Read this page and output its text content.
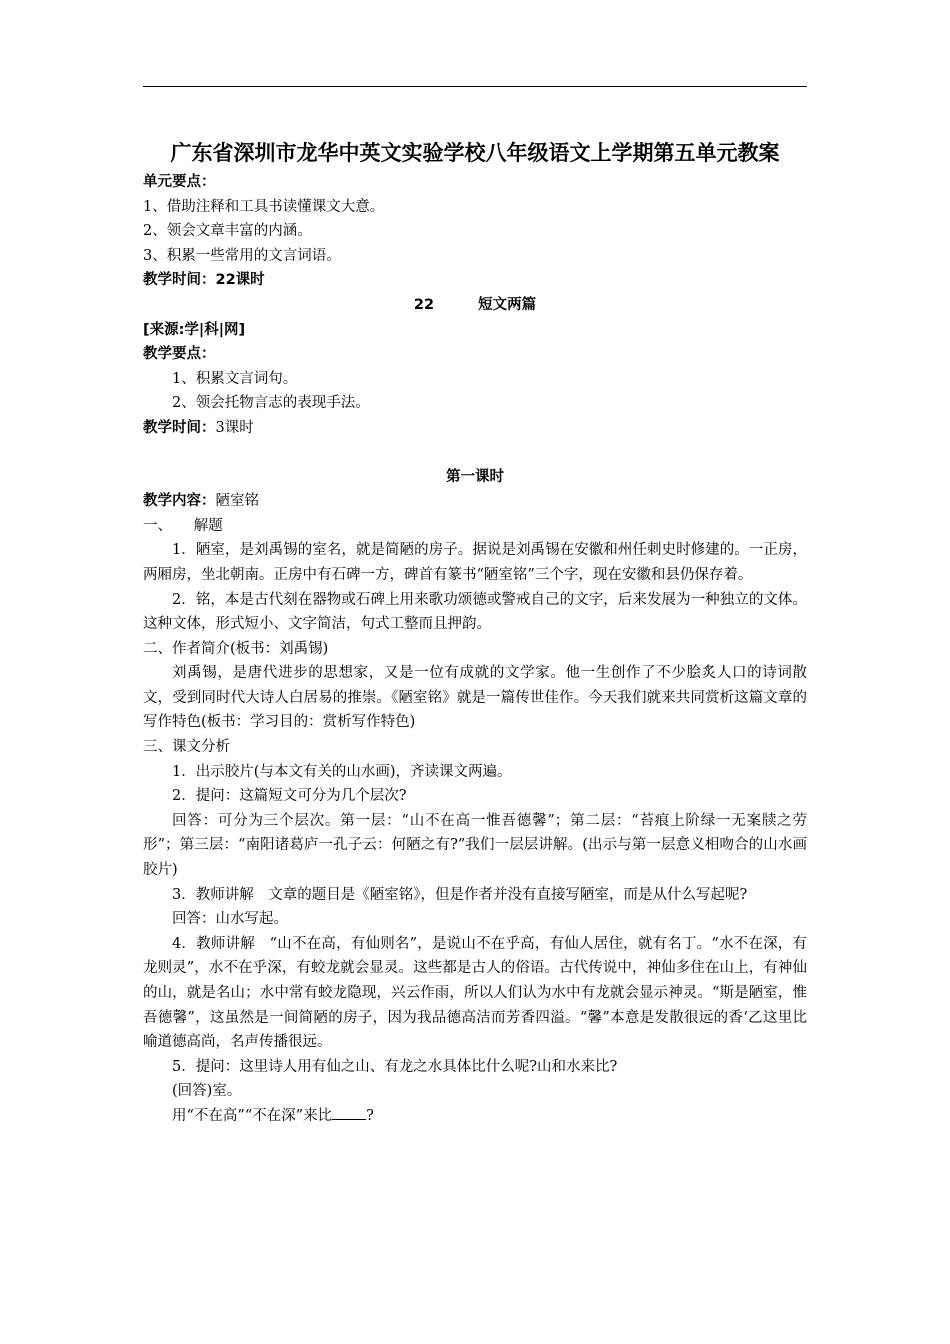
广东省深圳市龙华中英文实验学校八年级语文上学期第五单元教案
单元要点：
1、借助注释和工具书读懂课文大意。
2、领会文章丰富的内涵。
3、积累一些常用的文言词语。
教学时间：22课时
22	短文两篇
[来源:学|科|网]
教学要点：
1、积累文言词句。
2、领会托物言志的表现手法。
教学时间：3课时
第一课时
教学内容：陋室铭
一、　　解题
1．陋室，是刘禹锡的室名，就是简陋的房子。据说是刘禹锡在安徽和州任刺史时修建的。一正房，两厢房，坐北朝南。正房中有石碑一方，碑首有篆书“陋室铭”三个字，现在安徽和县仍保存着。
2．铭，本是古代刻在器物或石碑上用来歌功颂德或警戒自己的文字，后来发展为一种独立的文体。这种文体，形式短小、文字简洁，句式工整而且押韵。
二、作者简介(板书：刘禹锡)
刘禹锡，是唐代进步的思想家，又是一位有成就的文学家。他一生创作了不少脍炙人口的诗词散文，受到同时代大诗人白居易的推崇。《陋室铭》就是一篇传世佳作。今天我们就来共同赏析这篇文章的写作特色(板书：学习目的：赏析写作特色)
三、课文分析
1．出示胶片(与本文有关的山水画)，齐读课文两遍。
2．提问：这篇短文可分为几个层次?
回答：可分为三个层次。第一层：“山不在高一惟吾德馨”；第二层：“苔痕上阶绿一无案牍之劳形”；第三层：“南阳诸葛庐一孔子云：何陋之有?”我们一层层讲解。(出示与第一层意义相吻合的山水画胶片)
3．教师讲解　文章的题目是《陋室铭》，但是作者并没有直接写陋室，而是从什么写起呢?
回答：山水写起。
4．教师讲解　“山不在高，有仙则名”，是说山不在乎高，有仙人居住，就有名丁。“水不在深，有龙则灵”，水不在乎深，有蛟龙就会显灵。这些都是古人的俗语。古代传说中，神仙多住在山上，有神仙的山，就是名山；水中常有蛟龙隐现，兴云作雨，所以人们认为水中有龙就会显示神灵。“斯是陋室，惟吾德馨”，这虽然是一间简陋的房子，因为我品德高洁而芳香四溢。“馨”本意是发散很远的香‘乙这里比喻道德高尚，名声传播很远。
5．提问：这里诗人用有仙之山、有龙之水具体比什么呢?山和水来比?
(回答)室。
用“不在高”“不在深”来比 ?
